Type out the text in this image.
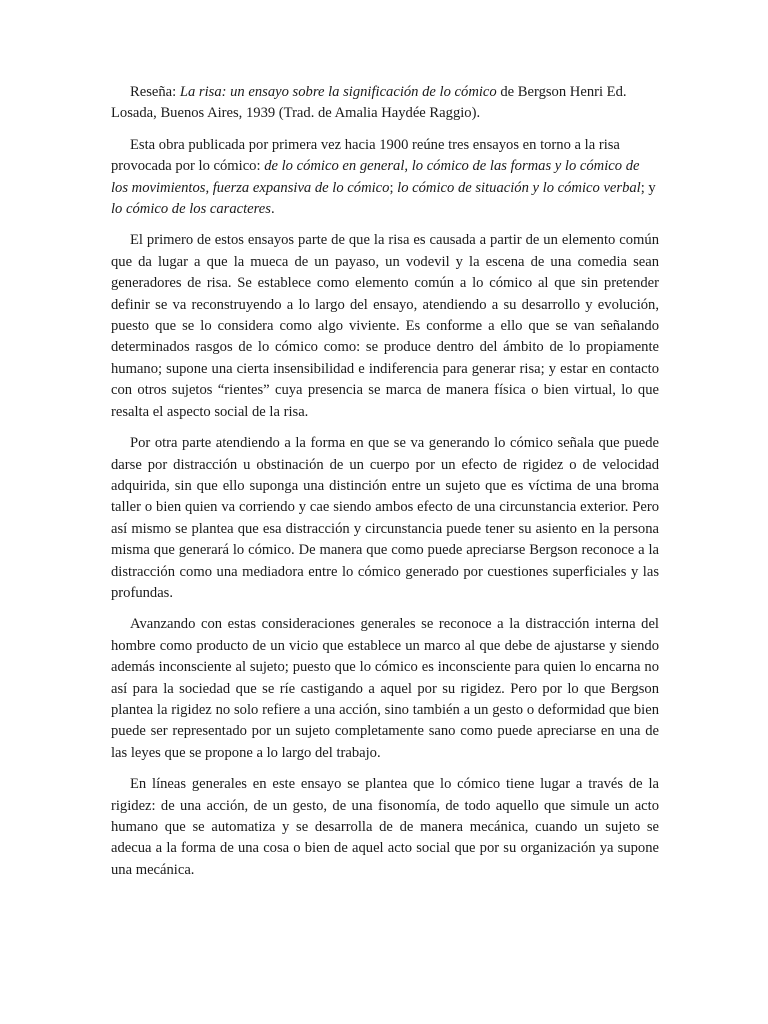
Reseña: La risa: un ensayo sobre la significación de lo cómico de Bergson Henri Ed. Losada, Buenos Aires, 1939 (Trad. de Amalia Haydée Raggio).

Esta obra publicada por primera vez hacia 1900 reúne tres ensayos en torno a la risa provocada por lo cómico: de lo cómico en general, lo cómico de las formas y lo cómico de los movimientos, fuerza expansiva de lo cómico; lo cómico de situación y lo cómico verbal; y lo cómico de los caracteres.

El primero de estos ensayos parte de que la risa es causada a partir de un elemento común que da lugar a que la mueca de un payaso, un vodevil y la escena de una comedia sean generadores de risa. Se establece como elemento común a lo cómico al que sin pretender definir se va reconstruyendo a lo largo del ensayo, atendiendo a su desarrollo y evolución, puesto que se lo considera como algo viviente. Es conforme a ello que se van señalando determinados rasgos de lo cómico como: se produce dentro del ámbito de lo propiamente humano; supone una cierta insensibilidad e indiferencia para generar risa; y estar en contacto con otros sujetos “rientes” cuya presencia se marca de manera física o bien virtual, lo que resalta el aspecto social de la risa.

Por otra parte atendiendo a la forma en que se va generando lo cómico señala que puede darse por distracción u obstinación de un cuerpo por un efecto de rigidez o de velocidad adquirida, sin que ello suponga una distinción entre un sujeto que es víctima de una broma taller o bien quien va corriendo y cae siendo ambos efecto de una circunstancia exterior. Pero así mismo se plantea que esa distracción y circunstancia puede tener su asiento en la persona misma que generará lo cómico. De manera que como puede apreciarse Bergson reconoce a la distracción como una mediadora entre lo cómico generado por cuestiones superficiales y las profundas.

Avanzando con estas consideraciones generales se reconoce a la distracción interna del hombre como producto de un vicio que establece un marco al que debe de ajustarse y siendo además inconsciente al sujeto; puesto que lo cómico es inconsciente para quien lo encarna no así para la sociedad que se ríe castigando a aquel por su rigidez. Pero por lo que Bergson plantea la rigidez no solo refiere a una acción, sino también a un gesto o deformidad que bien puede ser representado por un sujeto completamente sano como puede apreciarse en una de las leyes que se propone a lo largo del trabajo.

En líneas generales en este ensayo se plantea que lo cómico tiene lugar a través de la rigidez: de una acción, de un gesto, de una fisonomía, de todo aquello que simule un acto humano que se automatiza y se desarrolla de de manera mecánica, cuando un sujeto se adecua a la forma de una cosa o bien de aquel acto social que por su organización ya supone una mecánica.
